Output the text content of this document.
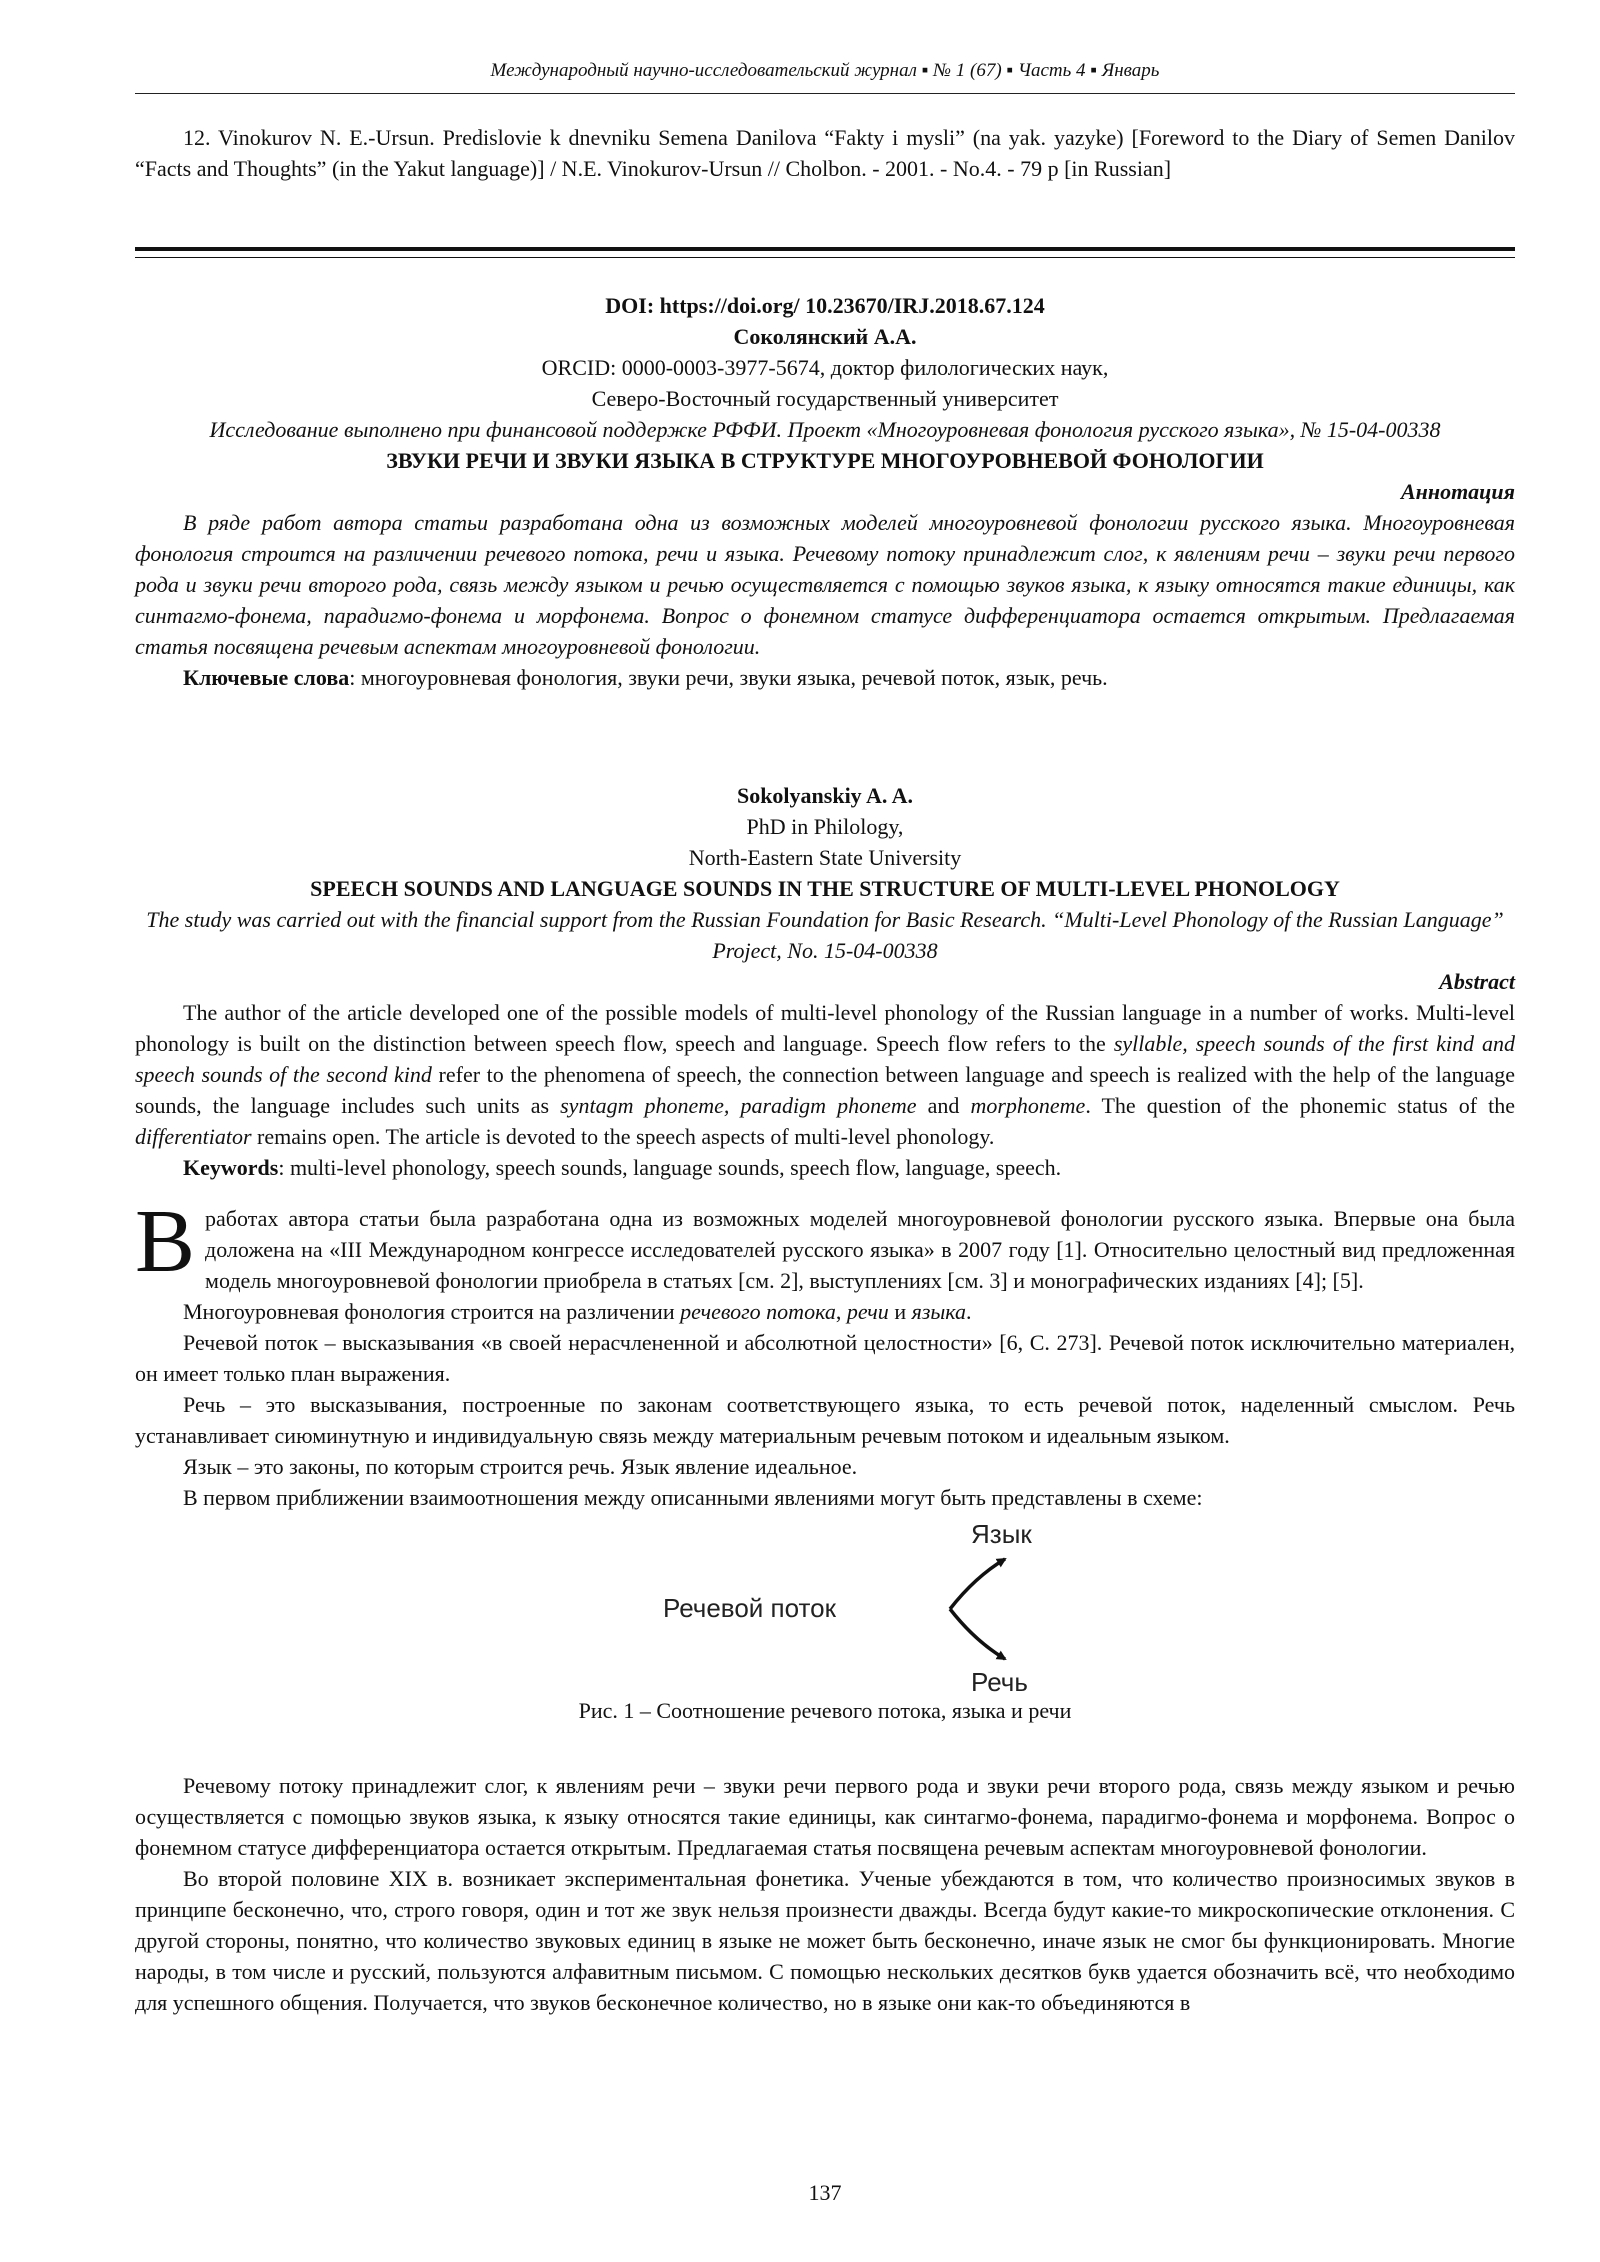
Международный научно-исследовательский журнал ▪ № 1 (67) ▪ Часть 4 ▪ Январь
12. Vinokurov N. E.-Ursun. Predislovie k dnevniku Semena Danilova “Fakty i mysli” (na yak. yazyke) [Foreword to the Diary of Semen Danilov “Facts and Thoughts” (in the Yakut language)] / N.E. Vinokurov-Ursun // Cholbon. - 2001. - No.4. - 79 p [in Russian]

DOI: https://doi.org/ 10.23670/IRJ.2018.67.124

Соколянский А.А.

ORCID: 0000-0003-3977-5674, доктор филологических наук,

Северо-Восточный государственный университет

Исследование выполнено при финансовой поддержке РФФИ. Проект «Многоуровневая фонология русского языка», № 15-04-00338

ЗВУКИ РЕЧИ И ЗВУКИ ЯЗЫКА В СТРУКТУРЕ МНОГОУРОВНЕВОЙ ФОНОЛОГИИ

Аннотация

В ряде работ автора статьи разработана одна из возможных моделей многоуровневой фонологии русского языка. Многоуровневая фонология строится на различении речевого потока, речи и языка. Речевому потоку принадлежит слог, к явлениям речи – звуки речи первого рода и звуки речи второго рода, связь между языком и речью осуществляется с помощью звуков языка, к языку относятся такие единицы, как синтагмо-фонема, парадигмо-фонема и морфонема. Вопрос о фонемном статусе дифференциатора остается открытым. Предлагаемая статья посвящена речевым аспектам многоуровневой фонологии.

Ключевые слова: многоуровневая фонология, звуки речи, звуки языка, речевой поток, язык, речь.

Sokolyanskiy A. A.

PhD in Philology,

North-Eastern State University

SPEECH SOUNDS AND LANGUAGE SOUNDS IN THE STRUCTURE OF MULTI-LEVEL PHONOLOGY

The study was carried out with the financial support from the Russian Foundation for Basic Research. “Multi-Level Phonology of the Russian Language” Project, No. 15-04-00338

Abstract

The author of the article developed one of the possible models of multi-level phonology of the Russian language in a number of works. Multi-level phonology is built on the distinction between speech flow, speech and language. Speech flow refers to the syllable, speech sounds of the first kind and speech sounds of the second kind refer to the phenomena of speech, the connection between language and speech is realized with the help of the language sounds, the language includes such units as syntagm phoneme, paradigm phoneme and morphoneme. The question of the phonemic status of the differentiator remains open. The article is devoted to the speech aspects of multi-level phonology.

Keywords: multi-level phonology, speech sounds, language sounds, speech flow, language, speech.

В работах автора статьи была разработана одна из возможных моделей многоуровневой фонологии русского языка. Впервые она была доложена на «III Международном конгрессе исследователей русского языка» в 2007 году [1]. Относительно целостный вид предложенная модель многоуровневой фонологии приобрела в статьях [см. 2], выступлениях [см. 3] и монографических изданиях [4]; [5].

Многоуровневая фонология строится на различении речевого потока, речи и языка.

Речевой поток – высказывания «в своей нерасчлененной и абсолютной целостности» [6, С. 273]. Речевой поток исключительно материален, он имеет только план выражения.

Речь – это высказывания, построенные по законам соответствующего языка, то есть речевой поток, наделенный смыслом. Речь устанавливает сиюминутную и индивидуальную связь между материальным речевым потоком и идеальным языком.

Язык – это законы, по которым строится речь. Язык явление идеальное.

В первом приближении взаимоотношения между описанными явлениями могут быть представлены в схеме:

Речевой поток
Язык
Речь

Рис. 1 – Соотношение речевого потока, языка и речи

Речевому потоку принадлежит слог, к явлениям речи – звуки речи первого рода и звуки речи второго рода, связь между языком и речью осуществляется с помощью звуков языка, к языку относятся такие единицы, как синтагмо-фонема, парадигмо-фонема и морфонема. Вопрос о фонемном статусе дифференциатора остается открытым. Предлагаемая статья посвящена речевым аспектам многоуровневой фонологии.

Во второй половине XIX в. возникает экспериментальная фонетика. Ученые убеждаются в том, что количество произносимых звуков в принципе бесконечно, что, строго говоря, один и тот же звук нельзя произнести дважды. Всегда будут какие-то микроскопические отклонения. С другой стороны, понятно, что количество звуковых единиц в языке не может быть бесконечно, иначе язык не смог бы функционировать. Многие народы, в том числе и русский, пользуются алфавитным письмом. С помощью нескольких десятков букв удается обозначить всё, что необходимо для успешного общения. Получается, что звуков бесконечное количество, но в языке они как-то объединяются в

137
